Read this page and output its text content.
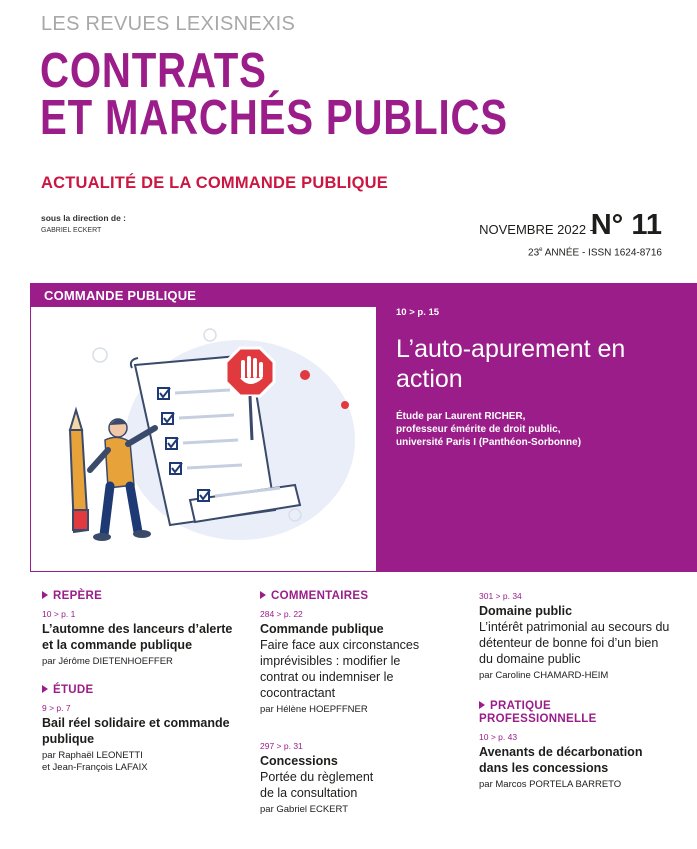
LES REVUES LEXISNEXIS
CONTRATS
ET MARCHÉS PUBLICS
ACTUALITÉ DE LA COMMANDE PUBLIQUE
sous la direction de :
GABRIEL ECKERT	NOVEMBRE 2022 -
N° 11
23e ANNÉE - ISSN 1624-8716
COMMANDE PUBLIQUE
10 > p. 15
L’auto-apurement en action
Étude par Laurent RICHER,
professeur émérite de droit public,
université Paris I (Panthéon-Sorbonne)
REPÈRE
10 > p. 1
L’automne des lanceurs d’alerte et la commande publique
par Jérôme DIETENHOEFFER
ÉTUDE
9 > p. 7
Bail réel solidaire et commande publique
par Raphaël LEONETTI
et Jean-François LAFAIX
COMMENTAIRES
284 > p. 22
Commande publique
Faire face aux circonstances imprévisibles : modifier le contrat ou indemniser le cocontractant
par Hélène HOEPFFNER
297 > p. 31
Concessions
Portée du règlement de la consultation
par Gabriel ECKERT
301 > p. 34
Domaine public
L’intérêt patrimonial au secours du détenteur de bonne foi d’un bien du domaine public
par Caroline CHAMARD-HEIM
PRATIQUE
PROFESSIONNELLE
10 > p. 43
Avenants de décarbonation dans les concessions
par Marcos PORTELA BARRETO
